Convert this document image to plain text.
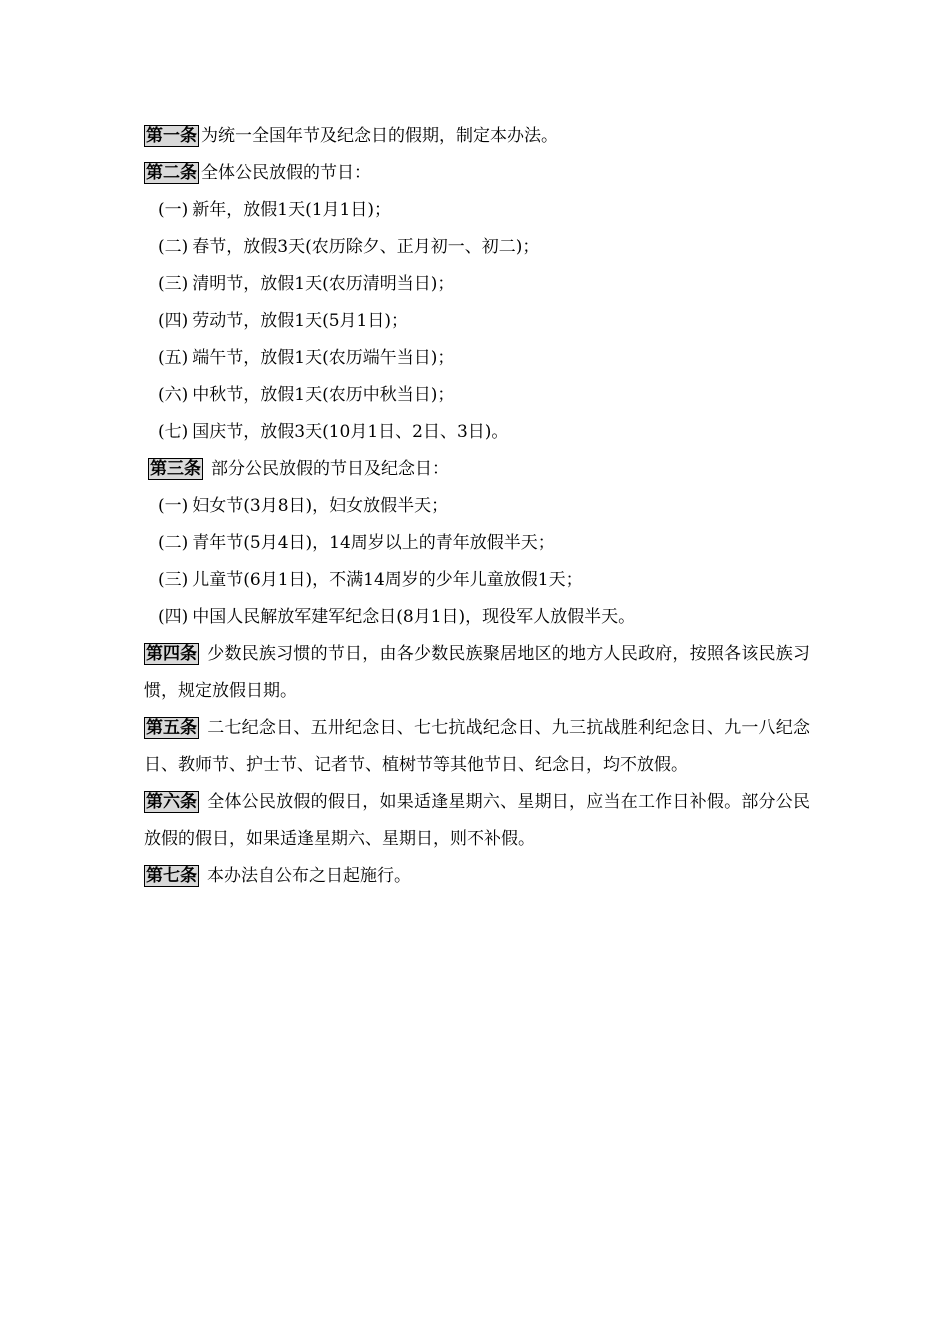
第一条 为统一全国年节及纪念日的假期，制定本办法。

第二条 全体公民放假的节日：

(一) 新年，放假1天(1月1日)；

(二) 春节，放假3天(农历除夕、正月初一、初二)；

(三) 清明节，放假1天(农历清明当日)；

(四) 劳动节，放假1天(5月1日)；

(五) 端午节，放假1天(农历端午当日)；

(六) 中秋节，放假1天(农历中秋当日)；

(七) 国庆节，放假3天(10月1日、2日、3日)。

第三条 部分公民放假的节日及纪念日：

(一) 妇女节(3月8日)，妇女放假半天；

(二) 青年节(5月4日)，14周岁以上的青年放假半天；

(三) 儿童节(6月1日)，不满14周岁的少年儿童放假1天；

(四) 中国人民解放军建军纪念日(8月1日)，现役军人放假半天。

第四条 少数民族习惯的节日，由各少数民族聚居地区的地方人民政府，按照各该民族习惯，规定放假日期。

第五条 二七纪念日、五卅纪念日、七七抗战纪念日、九三抗战胜利纪念日、九一八纪念日、教师节、护士节、记者节、植树节等其他节日、纪念日，均不放假。

第六条 全体公民放假的假日，如果适逢星期六、星期日，应当在工作日补假。部分公民放假的假日，如果适逢星期六、星期日，则不补假。

第七条 本办法自公布之日起施行。
